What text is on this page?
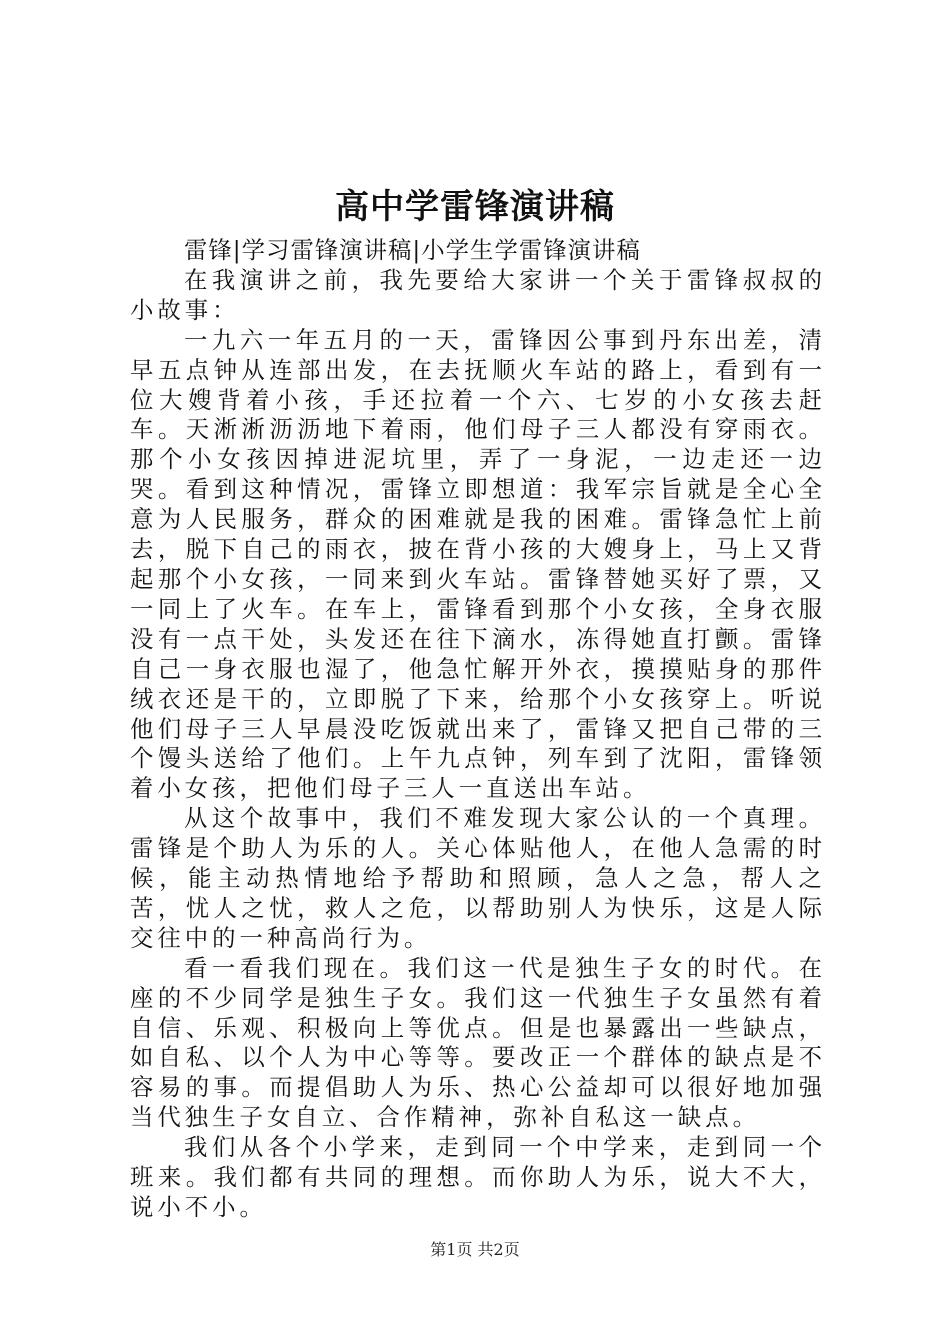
高中学雷锋演讲稿

雷锋|学习雷锋演讲稿|小学生学雷锋演讲稿

在我演讲之前，我先要给大家讲一个关于雷锋叔叔的小故事：

一九六一年五月的一天，雷锋因公事到丹东出差，清早五点钟从连部出发，在去抚顺火车站的路上，看到有一位大嫂背着小孩，手还拉着一个六、七岁的小女孩去赶车。天淅淅沥沥地下着雨，他们母子三人都没有穿雨衣。那个小女孩因掉进泥坑里，弄了一身泥，一边走还一边哭。看到这种情况，雷锋立即想道：我军宗旨就是全心全意为人民服务，群众的困难就是我的困难。雷锋急忙上前去，脱下自己的雨衣，披在背小孩的大嫂身上，马上又背起那个小女孩，一同来到火车站。雷锋替她买好了票，又一同上了火车。在车上，雷锋看到那个小女孩，全身衣服没有一点干处，头发还在往下滴水，冻得她直打颤。雷锋自己一身衣服也湿了，他急忙解开外衣，摸摸贴身的那件绒衣还是干的，立即脱了下来，给那个小女孩穿上。听说他们母子三人早晨没吃饭就出来了，雷锋又把自己带的三个馒头送给了他们。上午九点钟，列车到了沈阳，雷锋领着小女孩，把他们母子三人一直送出车站。

从这个故事中，我们不难发现大家公认的一个真理。雷锋是个助人为乐的人。关心体贴他人，在他人急需的时候，能主动热情地给予帮助和照顾，急人之急，帮人之苦，忧人之忧，救人之危，以帮助别人为快乐，这是人际交往中的一种高尚行为。

看一看我们现在。我们这一代是独生子女的时代。在座的不少同学是独生子女。我们这一代独生子女虽然有着自信、乐观、积极向上等优点。但是也暴露出一些缺点，如自私、以个人为中心等等。要改正一个群体的缺点是不容易的事。而提倡助人为乐、热心公益却可以很好地加强当代独生子女自立、合作精神，弥补自私这一缺点。

我们从各个小学来，走到同一个中学来，走到同一个班来。我们都有共同的理想。而你助人为乐，说大不大，说小不小。

第1页 共2页
